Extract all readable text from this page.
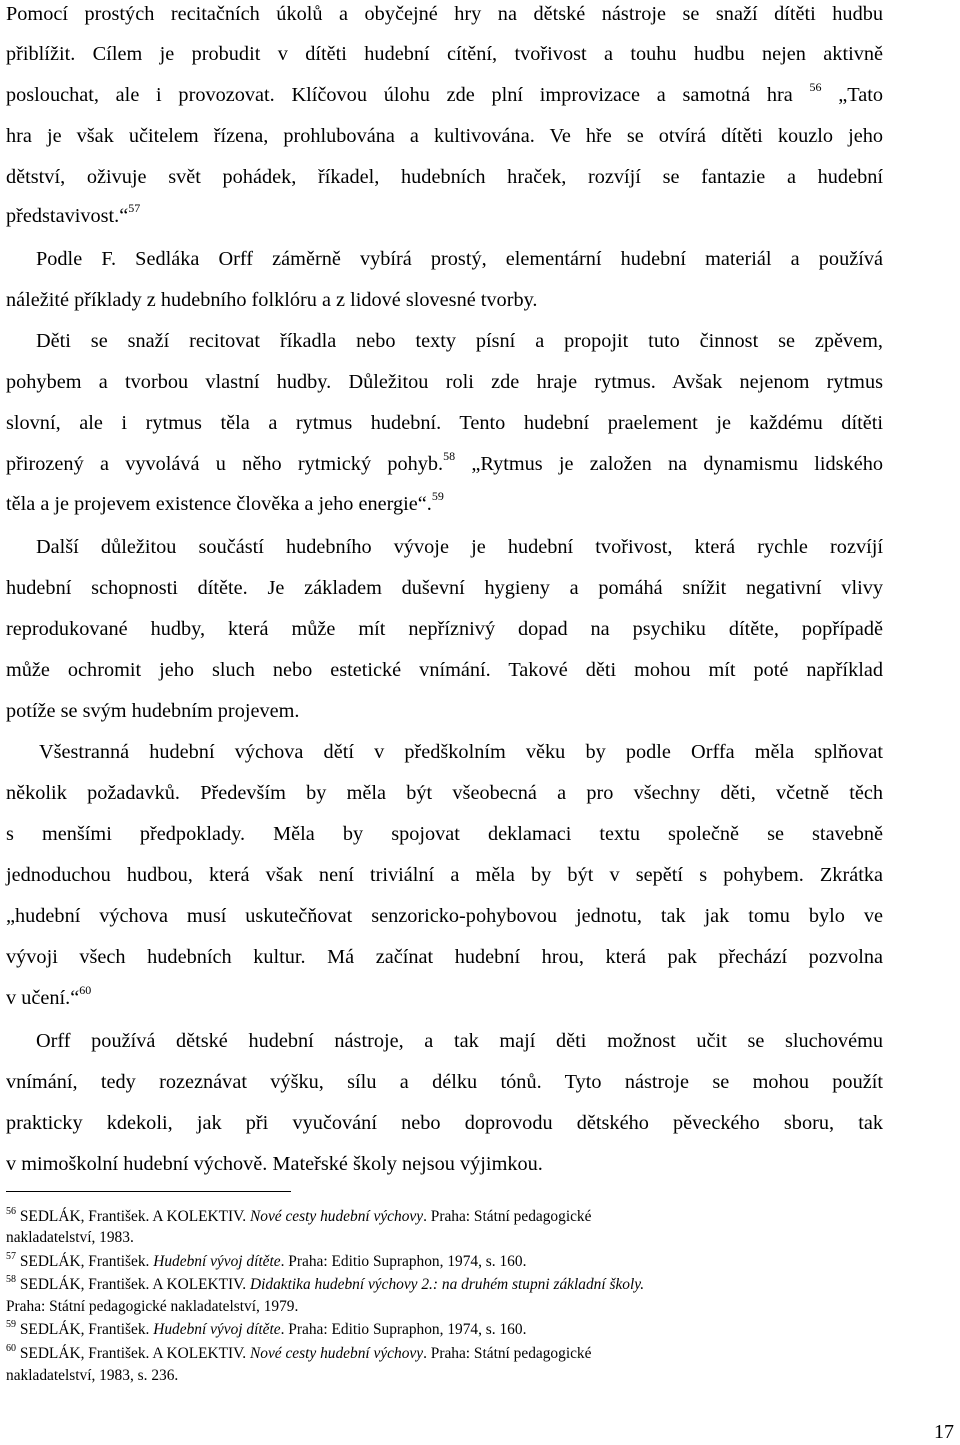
Pomocí prostých recitačních úkolů a obyčejné hry na dětské nástroje se snaží dítěti hudbu
přiblížit. Cílem je probudit v dítěti hudební cítění, tvořivost a touhu hudbu nejen aktivně
poslouchat, ale i provozovat. Klíčovou úlohu zde plní improvizace a samotná hra $^{56}$ „Tato
hra je však učitelem řízena, prohlubována a kultivována. Ve hře se otvírá dítěti kouzlo jeho
dětství, oživuje svět pohádek, říkadel, hudebních hraček, rozvíjí se fantazie a hudební
představivost.“$^{57}$
Podle F. Sedláka Orff záměrně vybírá prostý, elementární hudební materiál a používá
náležité příklady z hudebního folklóru a z lidové slovesné tvorby.
Děti se snaží recitovat říkadla nebo texty písní a propojit tuto činnost se zpěvem,
pohybem a tvorbou vlastní hudby. Důležitou roli zde hraje rytmus. Avšak nejenom rytmus
slovní, ale i rytmus těla a rytmus hudební. Tento hudební praelement je každému dítěti
přirozený a vyvolává u něho rytmický pohyb.$^{58}$ „Rytmus je založen na dynamismu lidského
těla a je projevem existence člověka a jeho energie“.$^{59}$
Další důležitou součástí hudebního vývoje je hudební tvořivost, která rychle rozvíjí
hudební schopnosti dítěte. Je základem duševní hygieny a pomáhá snížit negativní vlivy
reprodukované hudby, která může mít nepříznivý dopad na psychiku dítěte, popřípadě
může ochromit jeho sluch nebo estetické vnímání. Takové děti mohou mít poté například
potíže se svým hudebním projevem.
Všestranná hudební výchova dětí v předškolním věku by podle Orffa měla splňovat
několik požadavků. Především by měla být všeobecná a pro všechny děti, včetně těch
s menšími předpoklady. Měla by spojovat deklamaci textu společně se stavebně
jednoduchou hudbou, která však není triviální a měla by být v sepětí s pohybem. Zkrátka
„hudební výchova musí uskutečňovat senzoricko-pohybovou jednotu, tak jak tomu bylo ve
vývoji všech hudebních kultur. Má začínat hudební hrou, která pak přechází pozvolna
v učení.“$^{60}$
Orff používá dětské hudební nástroje, a tak mají děti možnost učit se sluchovému
vnímání, tedy rozeznávat výšku, sílu a délku tónů. Tyto nástroje se mohou použít
prakticky kdekoli, jak při vyučování nebo doprovodu dětského pěveckého sboru, tak
v mimoškolní hudební výchově. Mateřské školy nejsou výjimkou.
$^{56}$ SEDLÁK, František. A KOLEKTIV. Nové cesty hudební výchovy. Praha: Státní pedagogické
nakladatelství, 1983.
$^{57}$ SEDLÁK, František. Hudební vývoj dítěte. Praha: Editio Supraphon, 1974, s. 160.
$^{58}$ SEDLÁK, František. A KOLEKTIV. Didaktika hudební výchovy 2.: na druhém stupni základní školy.
Praha: Státní pedagogické nakladatelství, 1979.
$^{59}$ SEDLÁK, František. Hudební vývoj dítěte. Praha: Editio Supraphon, 1974, s. 160.
$^{60}$ SEDLÁK, František. A KOLEKTIV. Nové cesty hudební výchovy. Praha: Státní pedagogické
nakladatelství, 1983, s. 236.
17
